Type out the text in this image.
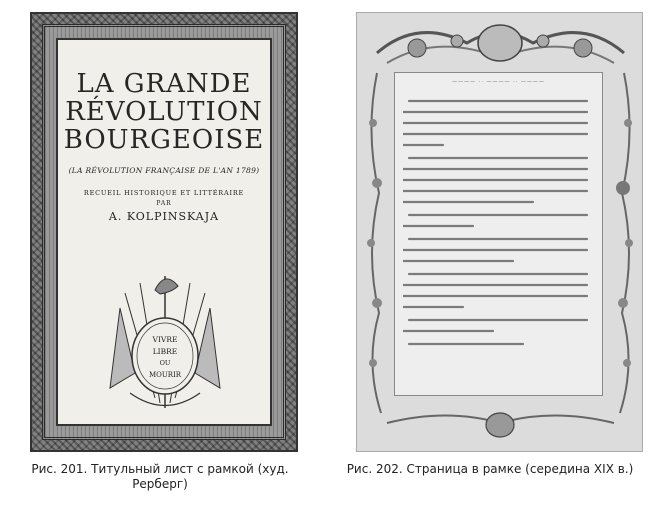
LA GRANDE
RÉVOLUTION
BOURGEOISE
(LA RÉVOLUTION FRANÇAISE DE L'AN 1789)
RECUEIL HISTORIQUE ET LITTÉRAIRE
PAR
A. KOLPINSKAJA
VIVRE
LIBRE
OU
MOURIR
———— ·· ———— ·· ————
Рис. 201. Титульный лист с рамкой (худ. Рерберг)
Рис. 202. Страница в рамке (середина XIX в.)
